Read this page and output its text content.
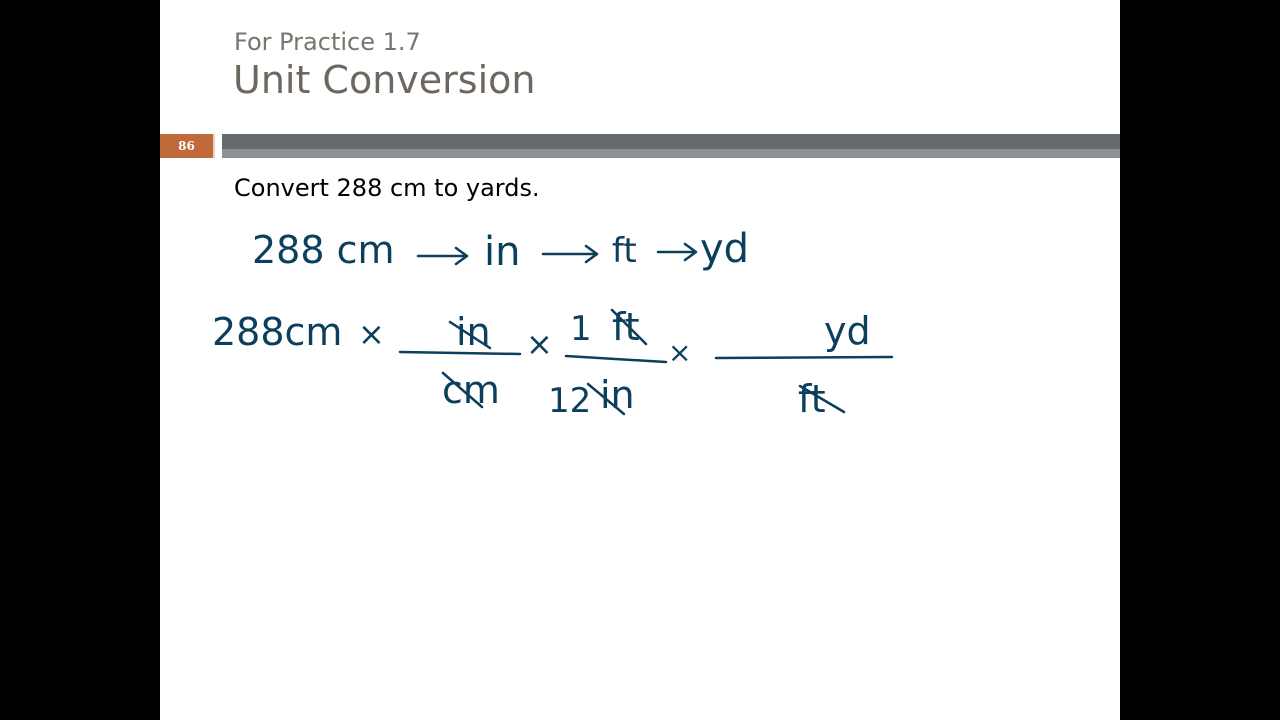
For Practice 1.7
Unit Conversion
86
Convert 288 cm to yards.
288 cm in	ft yd
288cm × in
cm
× 1 ft
12 in
×	yd
ft
